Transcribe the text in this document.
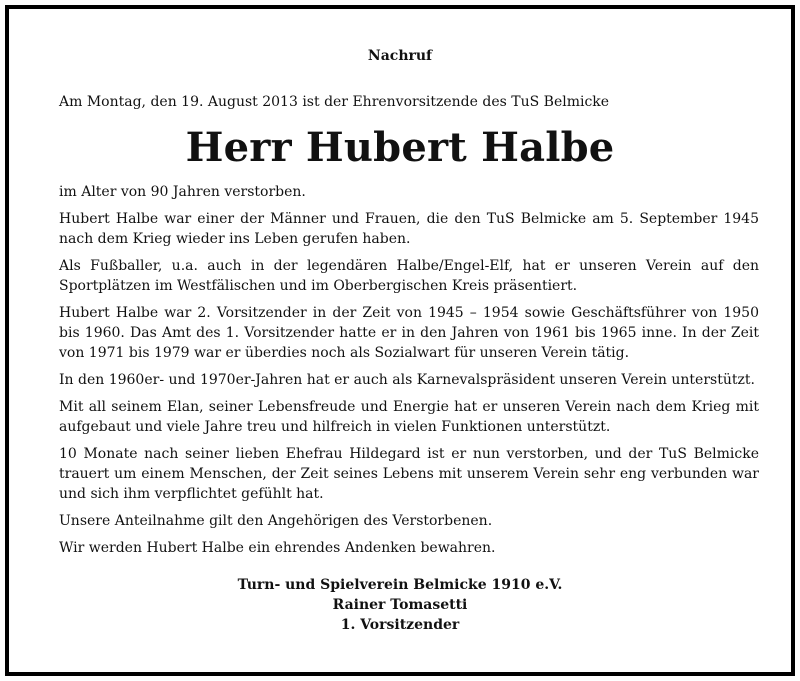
Nachruf
Am Montag, den 19. August 2013 ist der Ehrenvorsitzende des TuS Belmicke
Herr Hubert Halbe

im Alter von 90 Jahren verstorben.

Hubert Halbe war einer der Männer und Frauen, die den TuS Belmicke am 5. September 1945 nach dem Krieg wieder ins Leben gerufen haben.

Als Fußballer, u.a. auch in der legendären Halbe/Engel-Elf, hat er unseren Verein auf den Sportplätzen im Westfälischen und im Oberbergischen Kreis präsentiert.

Hubert Halbe war 2. Vorsitzender in der Zeit von 1945 – 1954 sowie Geschäftsführer von 1950 bis 1960. Das Amt des 1. Vorsitzender hatte er in den Jahren von 1961 bis 1965 inne. In der Zeit von 1971 bis 1979 war er überdies noch als Sozialwart für unseren Verein tätig.

In den 1960er- und 1970er-Jahren hat er auch als Karnevalspräsident unseren Verein unterstützt.

Mit all seinem Elan, seiner Lebensfreude und Energie hat er unseren Verein nach dem Krieg mit aufgebaut und viele Jahre treu und hilfreich in vielen Funktionen unterstützt.

10 Monate nach seiner lieben Ehefrau Hildegard ist er nun verstorben, und der TuS Belmicke trauert um einem Menschen, der Zeit seines Lebens mit unserem Verein sehr eng verbunden war und sich ihm verpflichtet gefühlt hat.

Unsere Anteilnahme gilt den Angehörigen des Verstorbenen.

Wir werden Hubert Halbe ein ehrendes Andenken bewahren.

Turn- und Spielverein Belmicke 1910 e.V.
Rainer Tomasetti
1. Vorsitzender
